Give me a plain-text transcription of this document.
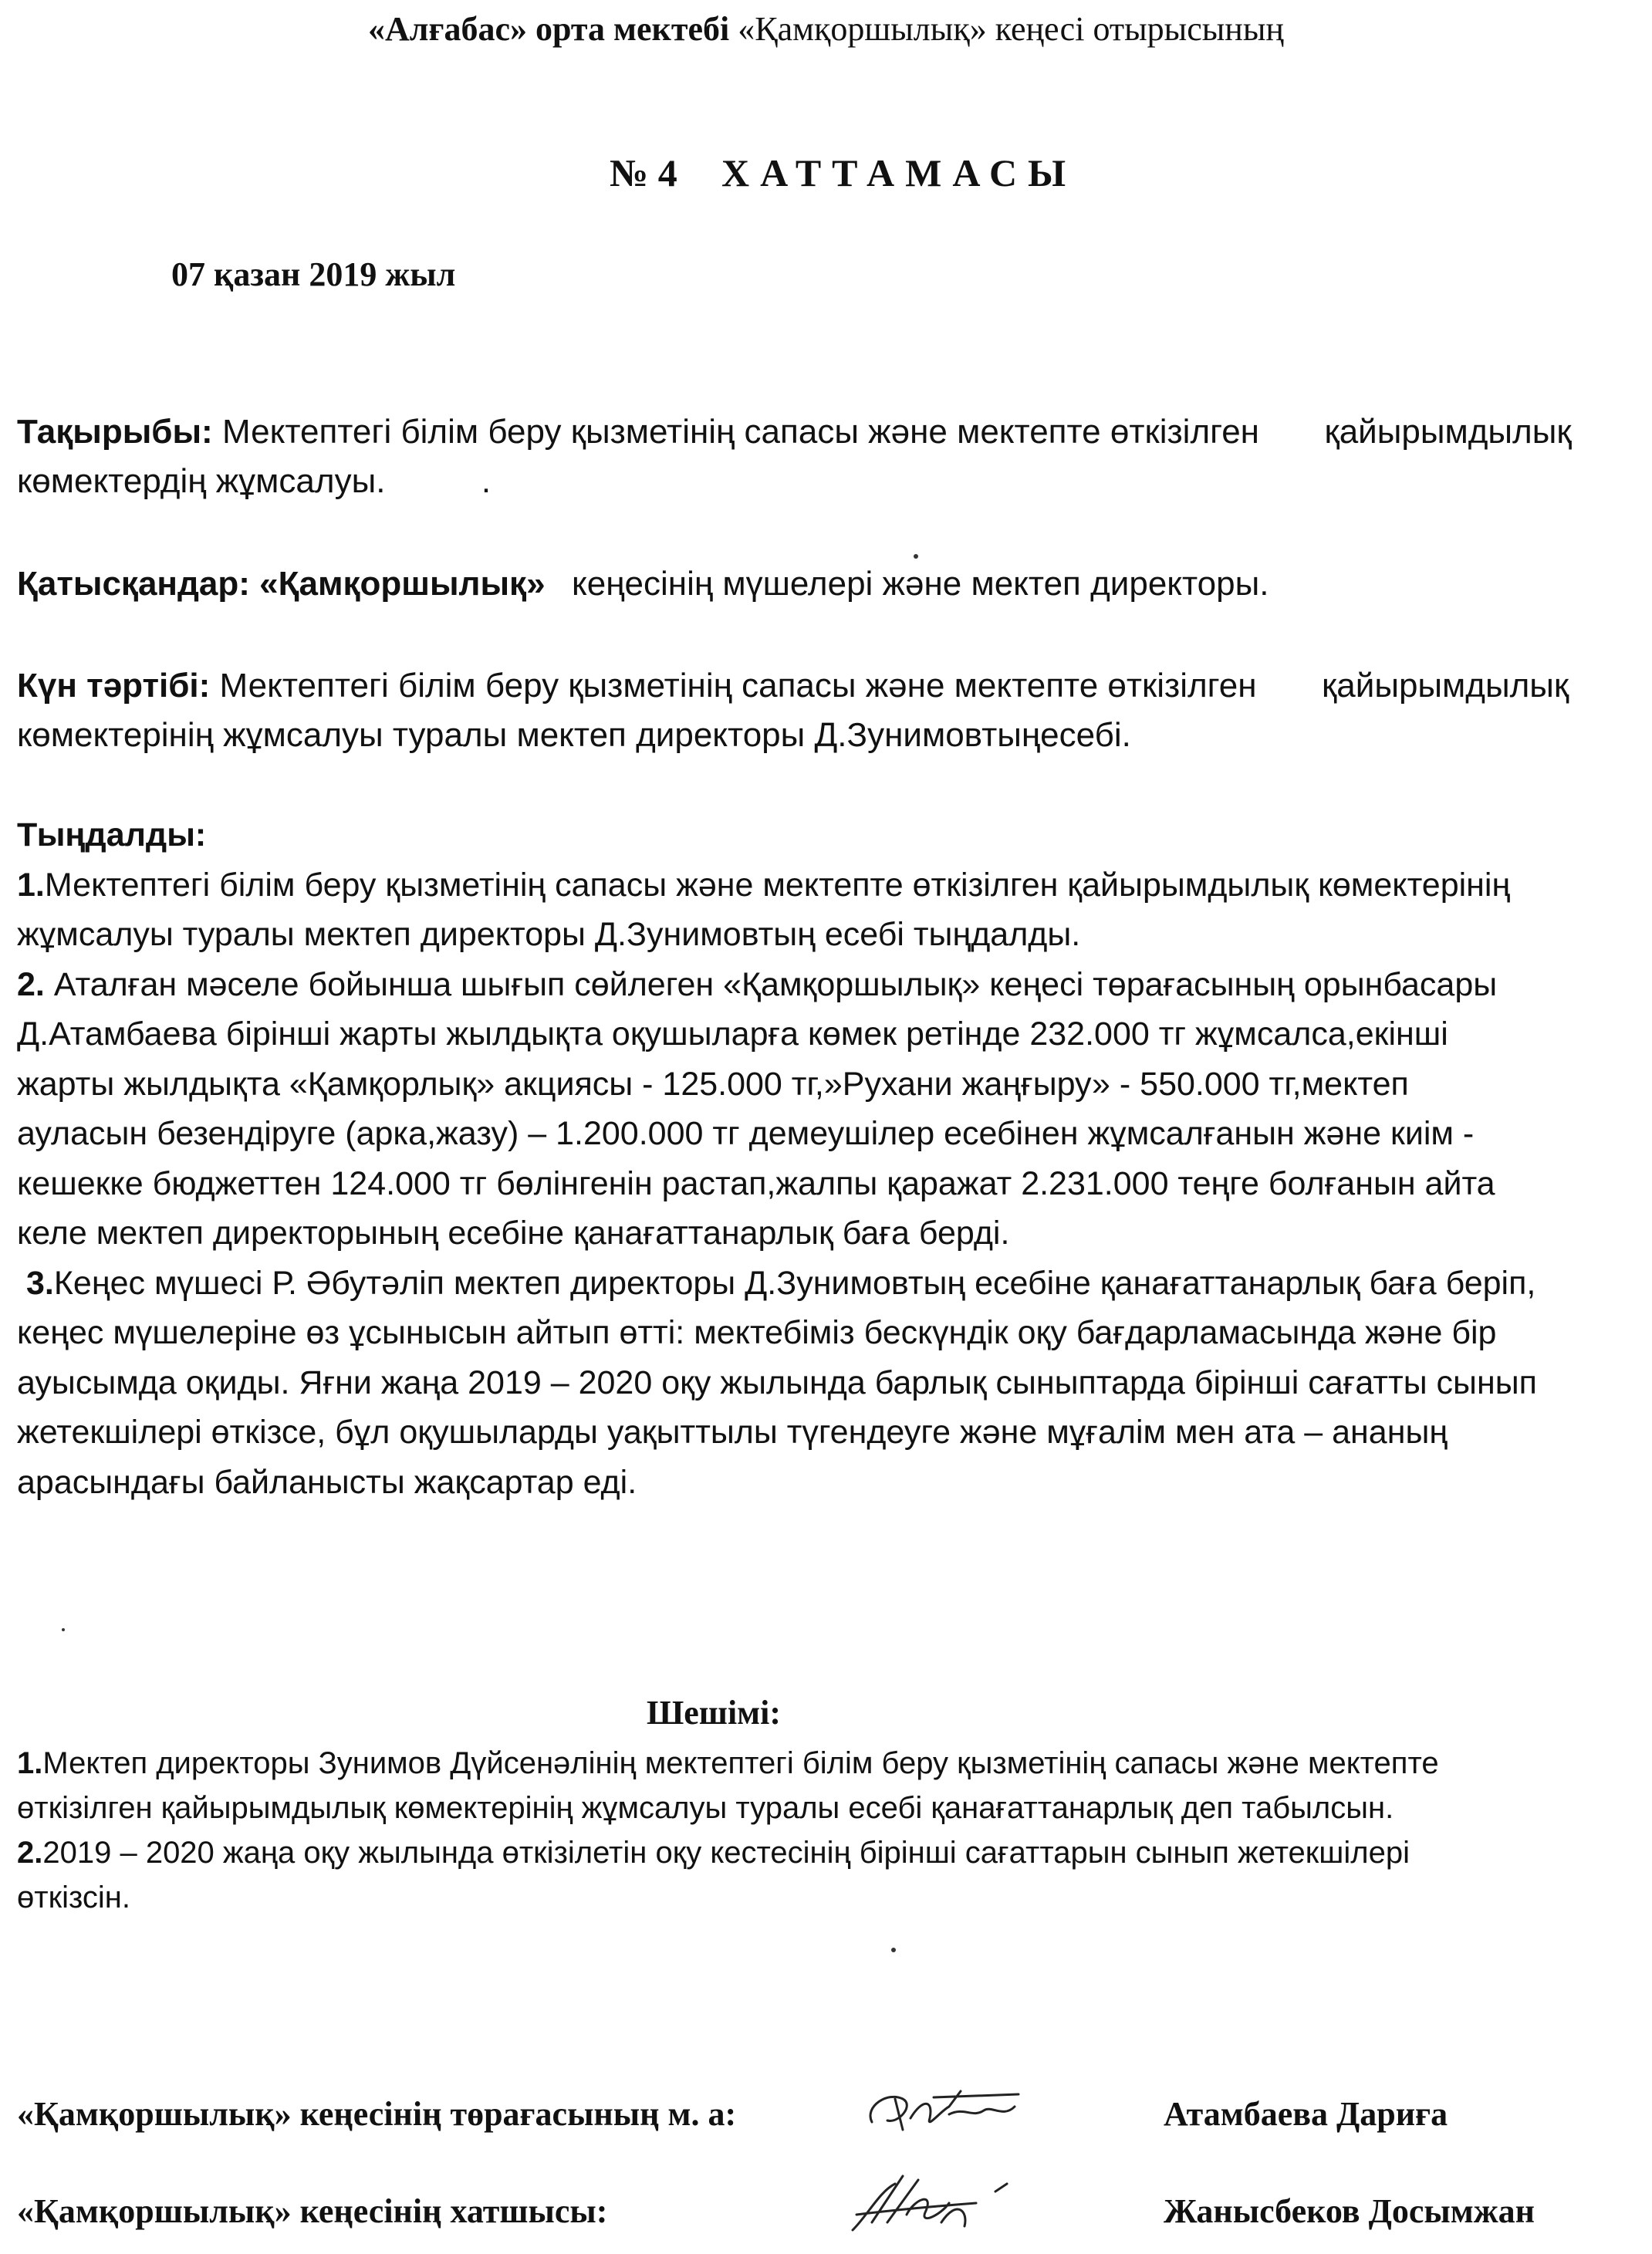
«Алғабас» орта мектебі «Қамқоршылық» кеңесі отырысының
№ 4 ХАТТАМАСЫ
07 қазан 2019 жыл
Тақырыбы: Мектептегі білім беру қызметінің сапасы және мектепте өткізілген қайырымдылық
көмектердің жұмсалуы.	.
Қатысқандар: «Қамқоршылық» кеңесінің мүшелері және мектеп директоры.
Күн тәртібі: Мектептегі білім беру қызметінің сапасы және мектепте өткізілген қайырымдылық
көмектерінің жұмсалуы туралы мектеп директоры Д.Зунимовтыңесебі.
Тыңдалды:
1.Мектептегі білім беру қызметінің сапасы және мектепте өткізілген қайырымдылық көмектерінің
жұмсалуы туралы мектеп директоры Д.Зунимовтың есебі тыңдалды.
2. Аталған мәселе бойынша шығып сөйлеген «Қамқоршылық» кеңесі төрағасының орынбасары
Д.Атамбаева бірінші жарты жылдықта оқушыларға көмек ретінде 232.000 тг жұмсалса,екінші
жарты жылдықта «Қамқорлық» акциясы - 125.000 тг,»Рухани жаңғыру» - 550.000 тг,мектеп
ауласын безендіруге (арка,жазу) – 1.200.000 тг демеушілер есебінен жұмсалғанын және киім -
кешекке бюджеттен 124.000 тг бөлінгенін растап,жалпы қаражат 2.231.000 теңге болғанын айта
келе мектеп директорының есебіне қанағаттанарлық баға берді.
3.Кеңес мүшесі Р. Әбутәліп мектеп директоры Д.Зунимовтың есебіне қанағаттанарлық баға беріп,
кеңес мүшелеріне өз ұсынысын айтып өтті: мектебіміз бескүндік оқу бағдарламасында және бір
ауысымда оқиды. Яғни жаңа 2019 – 2020 оқу жылында барлық сыныптарда бірінші сағатты сынып
жетекшілері өткізсе, бұл оқушыларды уақыттылы түгендеуге және мұғалім мен ата – ананың
арасындағы байланысты жақсартар еді.
Шешімі:
1.Мектеп директоры Зунимов Дүйсенәлінің мектептегі білім беру қызметінің сапасы және мектепте
өткізілген қайырымдылық көмектерінің жұмсалуы туралы есебі қанағаттанарлық деп табылсын.
2.2019 – 2020 жаңа оқу жылында өткізілетін оқу кестесінің бірінші сағаттарын сынып жетекшілері
өткізсін.
«Қамқоршылық» кеңесінің төрағасының м. а:	Атамбаева Дариға
«Қамқоршылық» кеңесінің хатшысы:	Жанысбеков Досымжан
